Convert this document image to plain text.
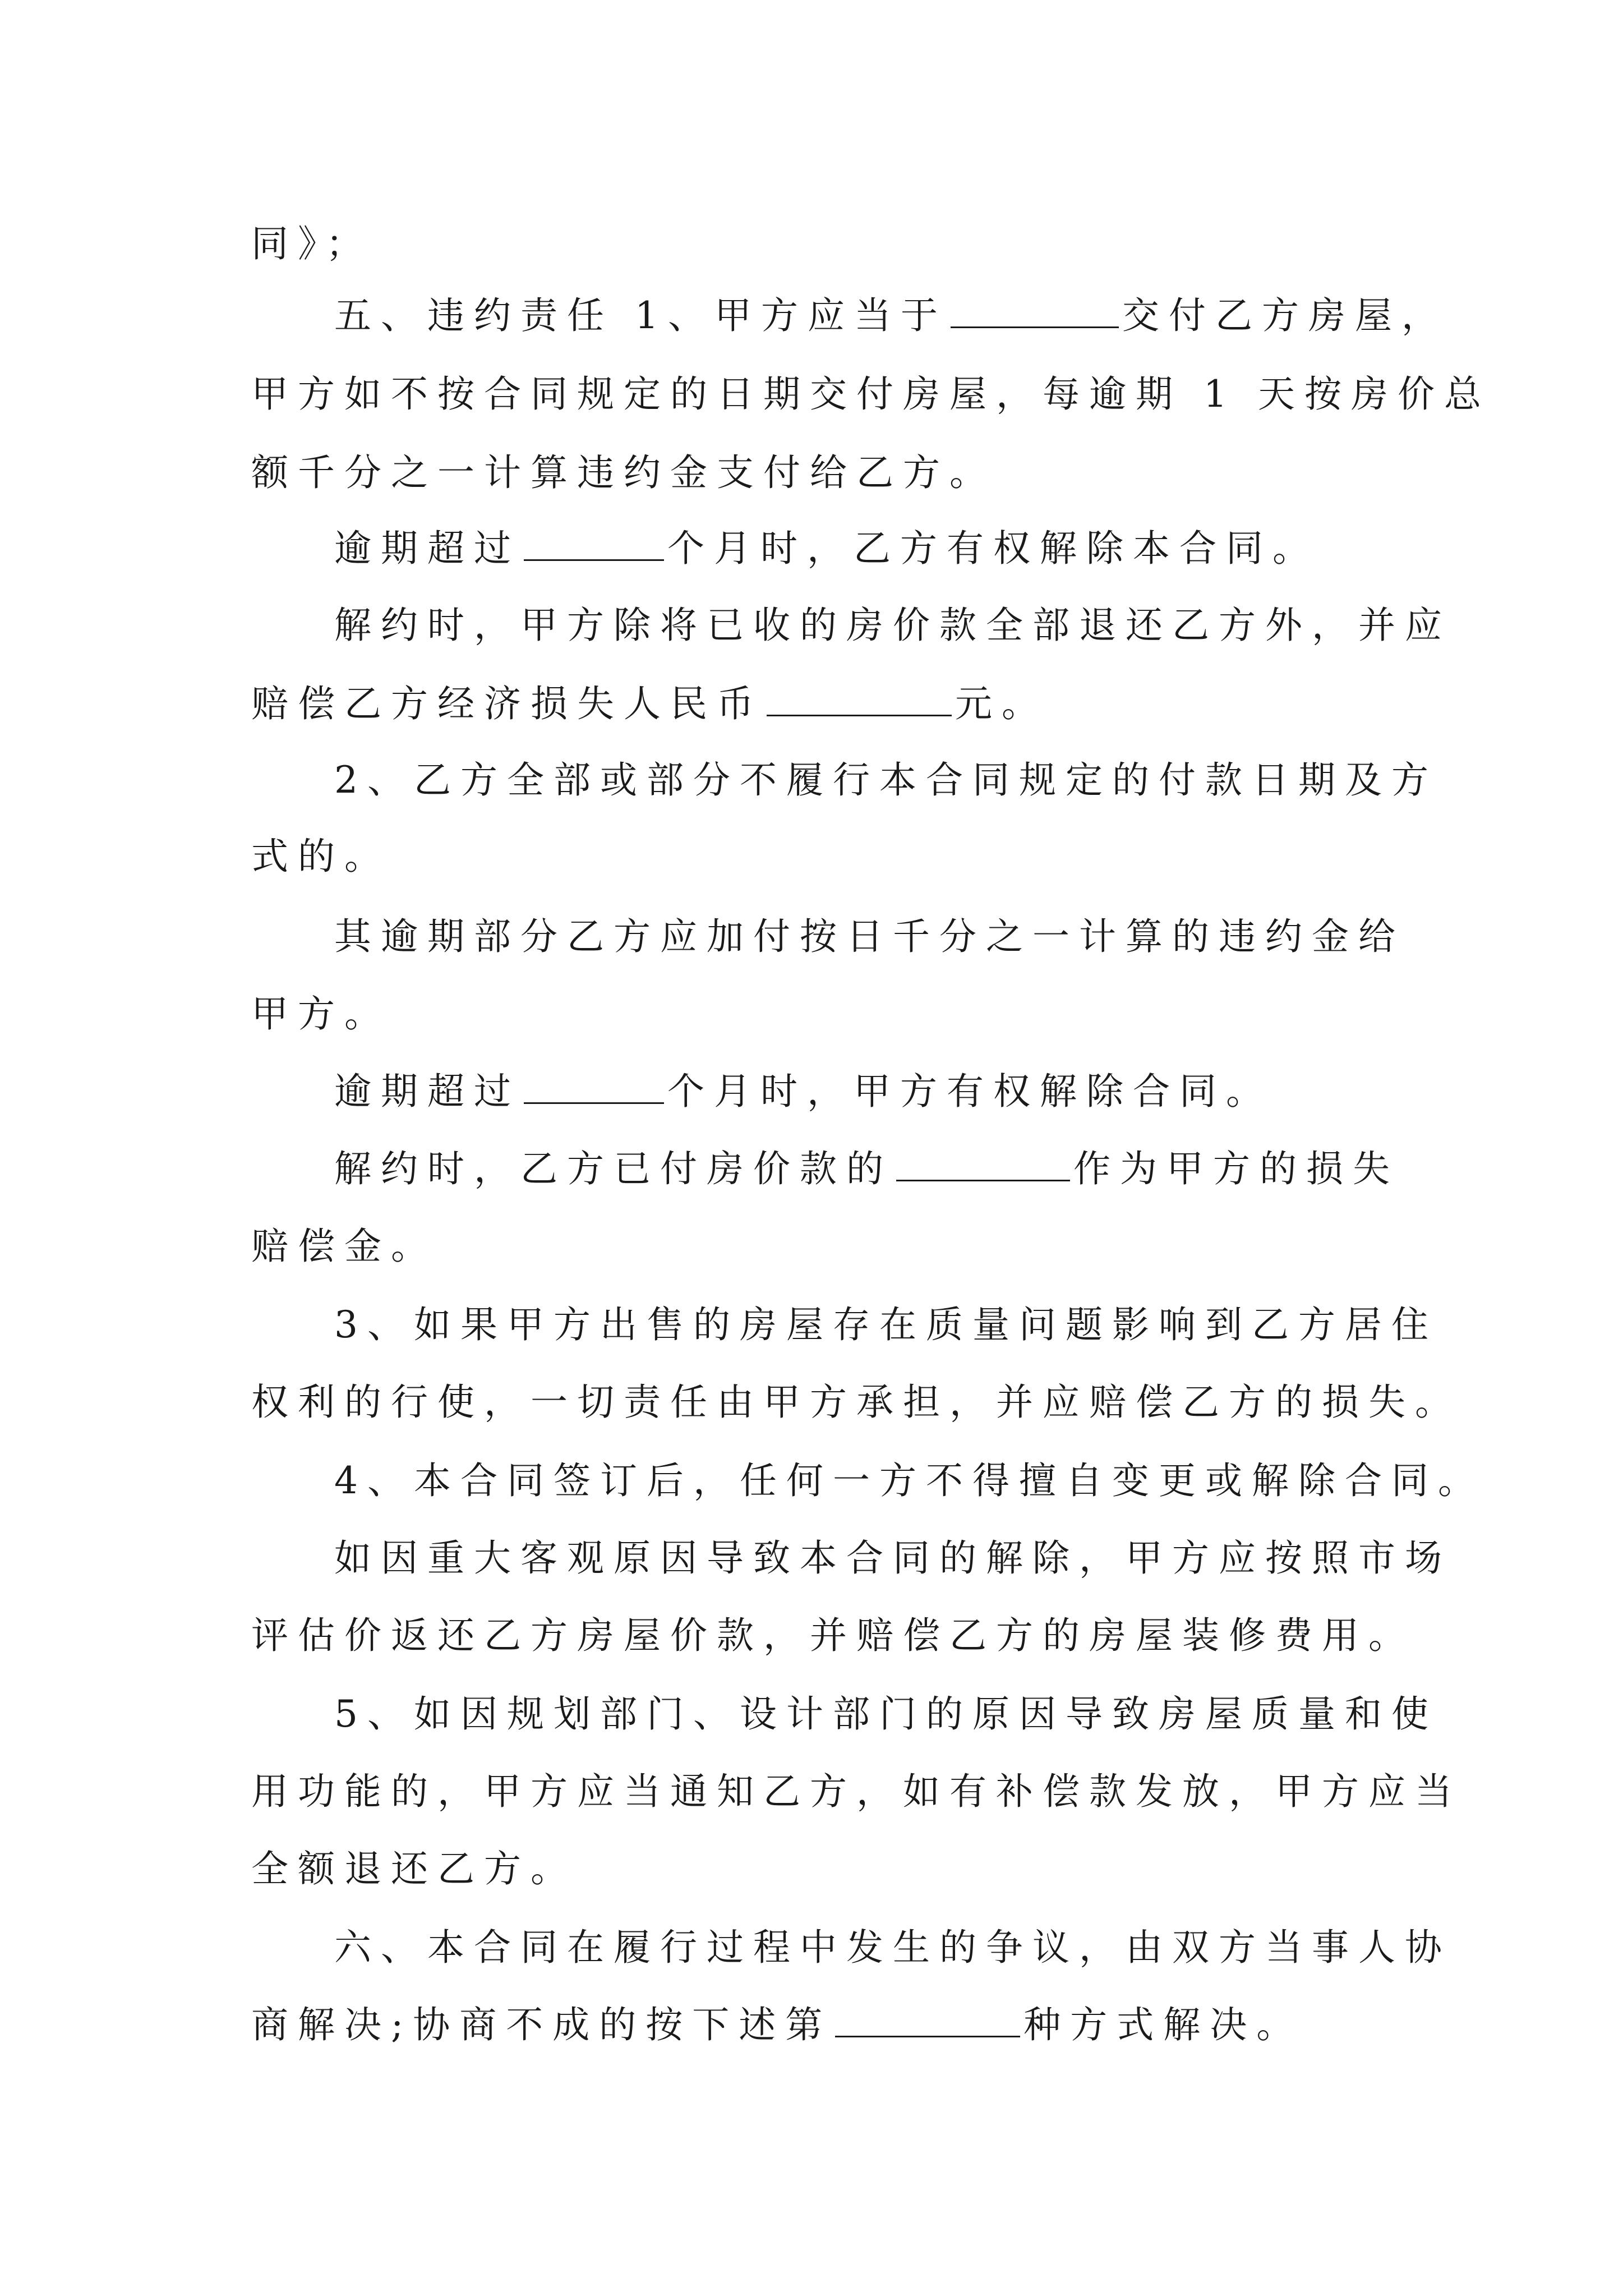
同》；
五、违约责任 1、甲方应当于	交付乙方房屋，
甲方如不按合同规定的日期交付房屋，每逾期 1 天按房价总
额千分之一计算违约金支付给乙方。
逾期超过	个月时，乙方有权解除本合同。
解约时，甲方除将已收的房价款全部退还乙方外，并应
赔偿乙方经济损失人民币	元。
2、乙方全部或部分不履行本合同规定的付款日期及方
式的。
其逾期部分乙方应加付按日千分之一计算的违约金给
甲方。
逾期超过	个月时，甲方有权解除合同。
解约时，乙方已付房价款的	作为甲方的损失
赔偿金。
3、如果甲方出售的房屋存在质量问题影响到乙方居住
权利的行使，一切责任由甲方承担，并应赔偿乙方的损失。
4、本合同签订后，任何一方不得擅自变更或解除合同。
如因重大客观原因导致本合同的解除，甲方应按照市场
评估价返还乙方房屋价款，并赔偿乙方的房屋装修费用。
5、如因规划部门、设计部门的原因导致房屋质量和使
用功能的，甲方应当通知乙方，如有补偿款发放，甲方应当
全额退还乙方。
六、本合同在履行过程中发生的争议，由双方当事人协
商解决;协商不成的按下述第	种方式解决。
